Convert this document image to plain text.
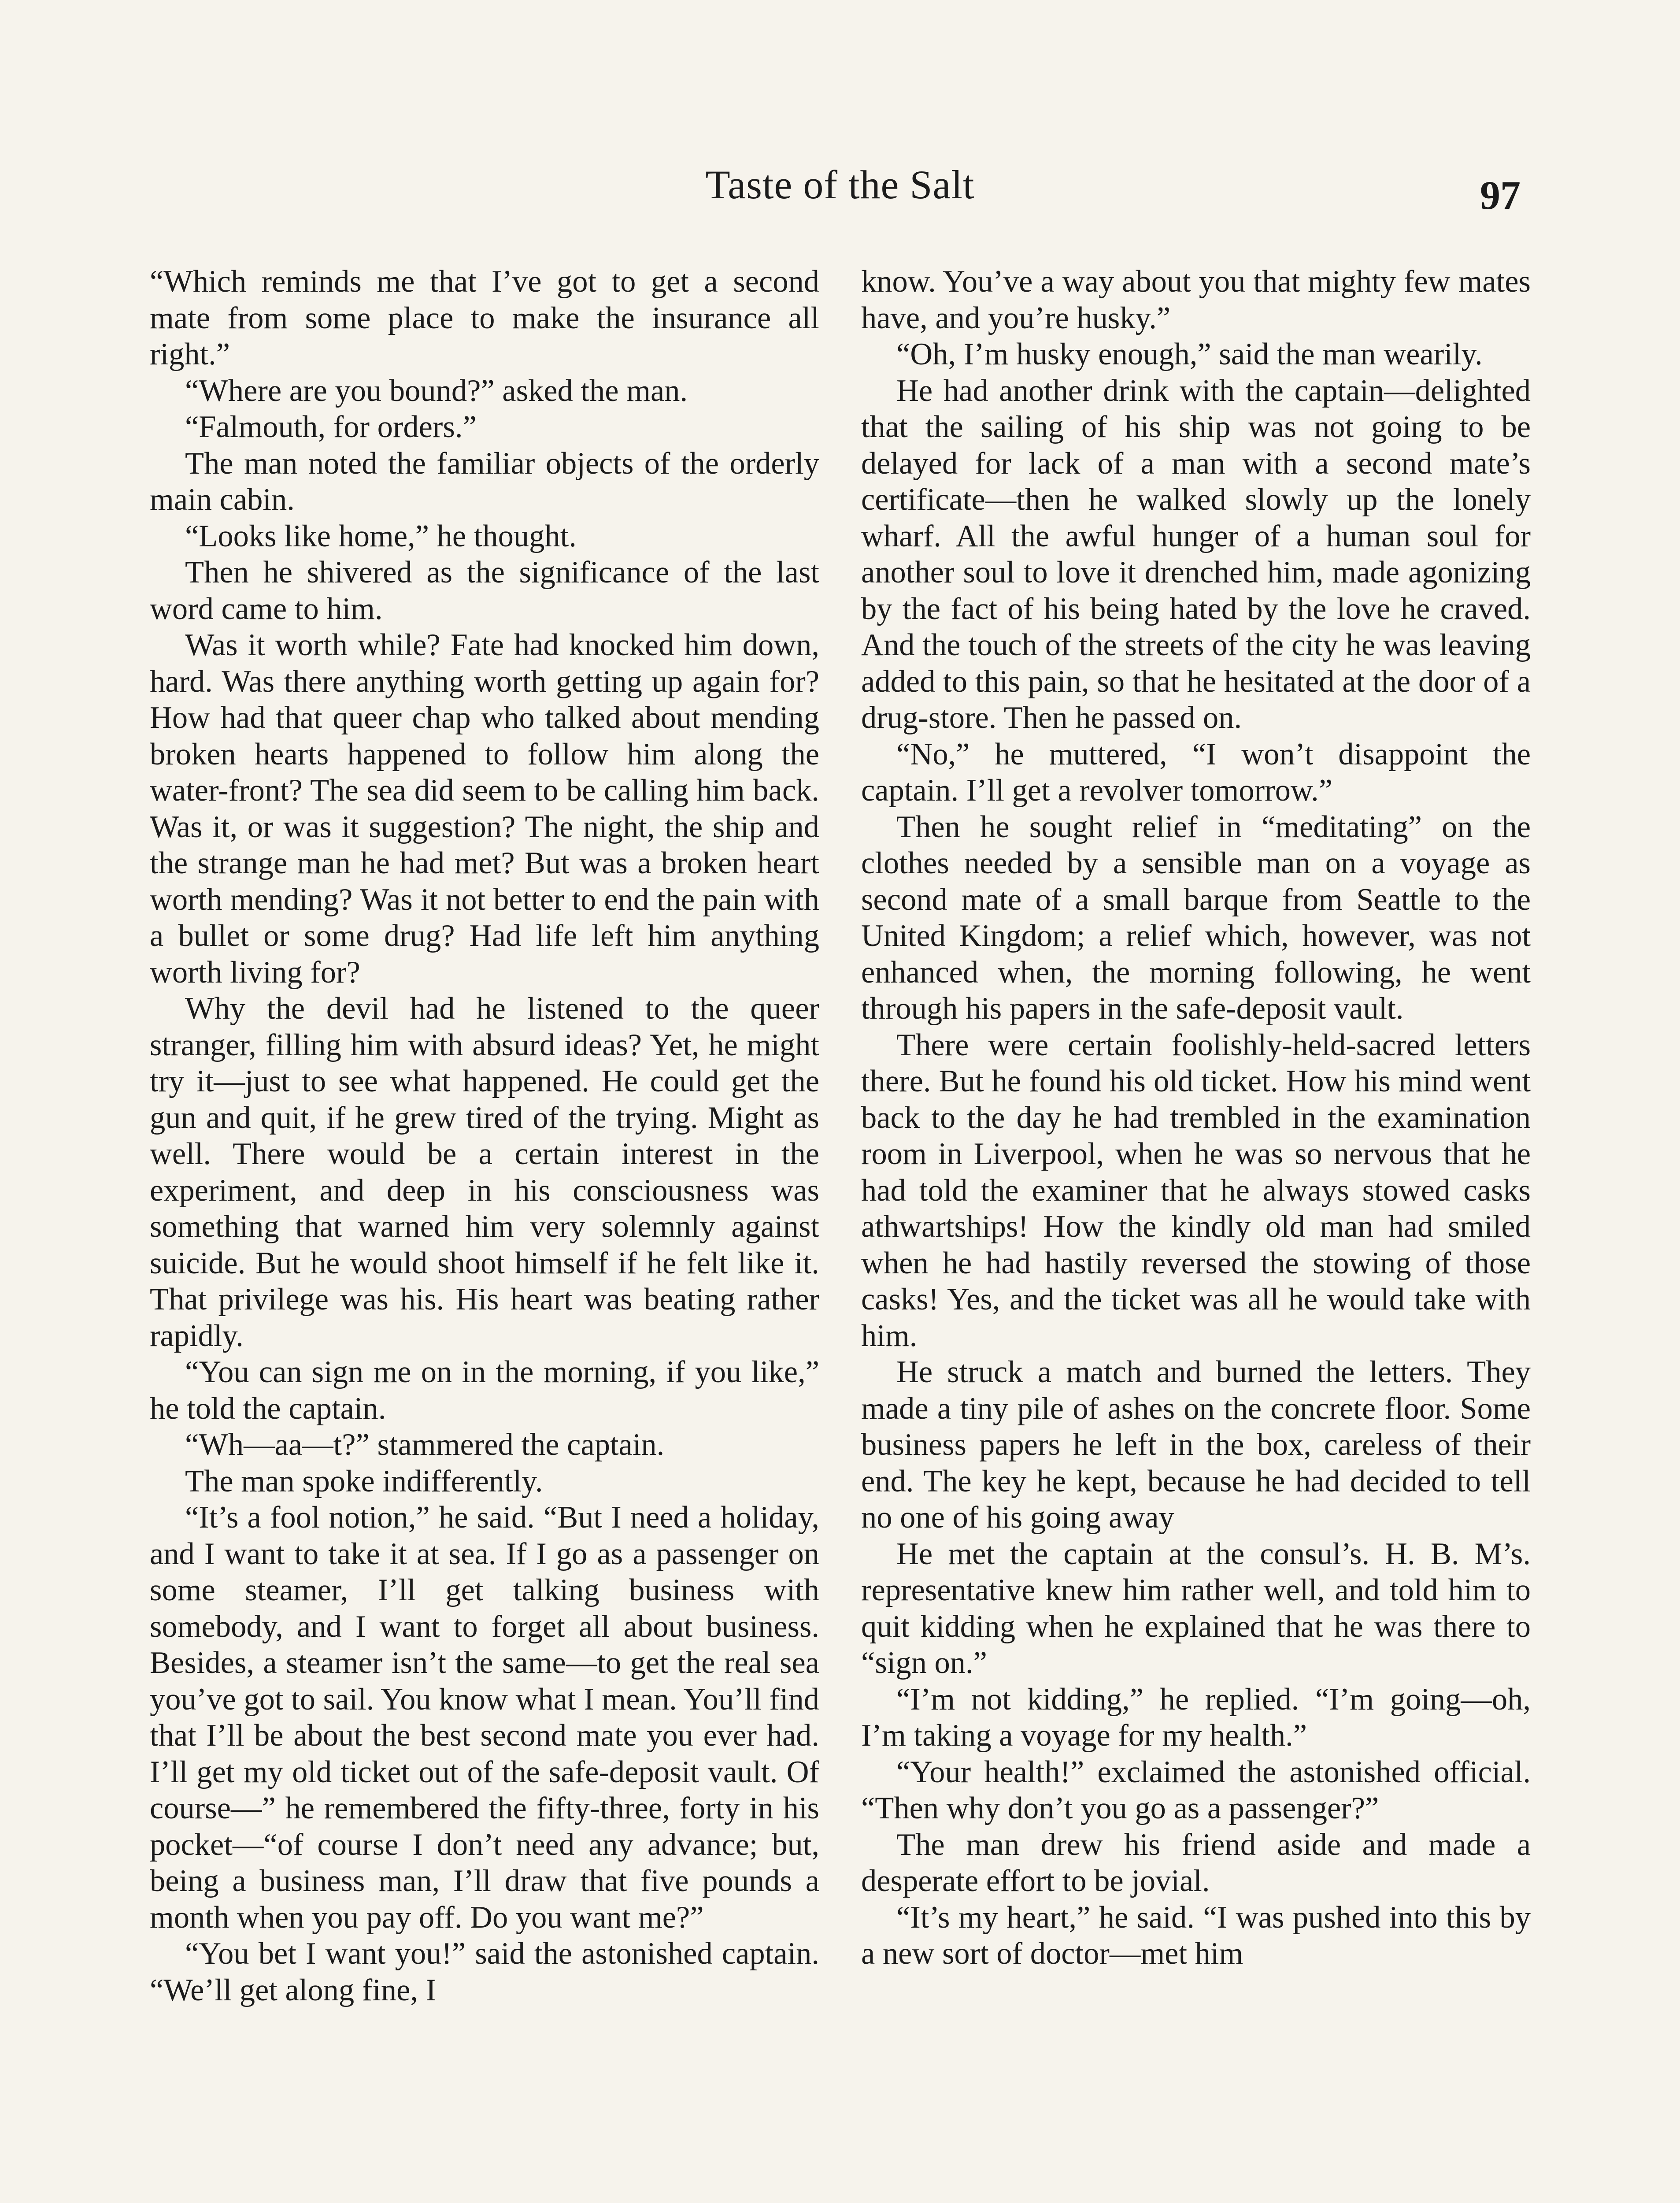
Taste of the Salt	97

“Which reminds me that I’ve got to get a second mate from some place to make the insurance all right.”

“Where are you bound?” asked the man.

“Falmouth, for orders.”

The man noted the familiar objects of the orderly main cabin.

“Looks like home,” he thought.

Then he shivered as the significance of the last word came to him.

Was it worth while? Fate had knocked him down, hard. Was there anything worth getting up again for? How had that queer chap who talked about mending broken hearts happened to follow him along the water-front? The sea did seem to be calling him back. Was it, or was it suggestion? The night, the ship and the strange man he had met? But was a broken heart worth mending? Was it not better to end the pain with a bullet or some drug? Had life left him anything worth living for?

Why the devil had he listened to the queer stranger, filling him with absurd ideas? Yet, he might try it—just to see what happened. He could get the gun and quit, if he grew tired of the trying. Might as well. There would be a certain interest in the experiment, and deep in his consciousness was something that warned him very solemnly against suicide. But he would shoot himself if he felt like it. That privilege was his. His heart was beating rather rapidly.

“You can sign me on in the morning, if you like,” he told the captain.

“Wh—aa—t?” stammered the captain.

The man spoke indifferently.

“It’s a fool notion,” he said. “But I need a holiday, and I want to take it at sea. If I go as a passenger on some steamer, I’ll get talking business with somebody, and I want to forget all about business. Besides, a steamer isn’t the same—to get the real sea you’ve got to sail. You know what I mean. You’ll find that I’ll be about the best second mate you ever had. I’ll get my old ticket out of the safe-deposit vault. Of course—” he remembered the fifty-three, forty in his pocket—“of course I don’t need any advance; but, being a business man, I’ll draw that five pounds a month when you pay off. Do you want me?”

“You bet I want you!” said the astonished captain. “We’ll get along fine, I

know. You’ve a way about you that mighty few mates have, and you’re husky.”

“Oh, I’m husky enough,” said the man wearily.

He had another drink with the captain—delighted that the sailing of his ship was not going to be delayed for lack of a man with a second mate’s certificate—then he walked slowly up the lonely wharf. All the awful hunger of a human soul for another soul to love it drenched him, made agonizing by the fact of his being hated by the love he craved. And the touch of the streets of the city he was leaving added to this pain, so that he hesitated at the door of a drug-store. Then he passed on.

“No,” he muttered, “I won’t disappoint the captain. I’ll get a revolver tomorrow.”

Then he sought relief in “meditating” on the clothes needed by a sensible man on a voyage as second mate of a small barque from Seattle to the United Kingdom; a relief which, however, was not enhanced when, the morning following, he went through his papers in the safe-deposit vault.

There were certain foolishly-held-sacred letters there. But he found his old ticket. How his mind went back to the day he had trembled in the examination room in Liverpool, when he was so nervous that he had told the examiner that he always stowed casks athwartships! How the kindly old man had smiled when he had hastily reversed the stowing of those casks! Yes, and the ticket was all he would take with him.

He struck a match and burned the letters. They made a tiny pile of ashes on the concrete floor. Some business papers he left in the box, careless of their end. The key he kept, because he had decided to tell no one of his going away

He met the captain at the consul’s. H. B. M’s. representative knew him rather well, and told him to quit kidding when he explained that he was there to “sign on.”

“I’m not kidding,” he replied. “I’m going—oh, I’m taking a voyage for my health.”

“Your health!” exclaimed the astonished official. “Then why don’t you go as a passenger?”

The man drew his friend aside and made a desperate effort to be jovial.

“It’s my heart,” he said. “I was pushed into this by a new sort of doctor—met him
